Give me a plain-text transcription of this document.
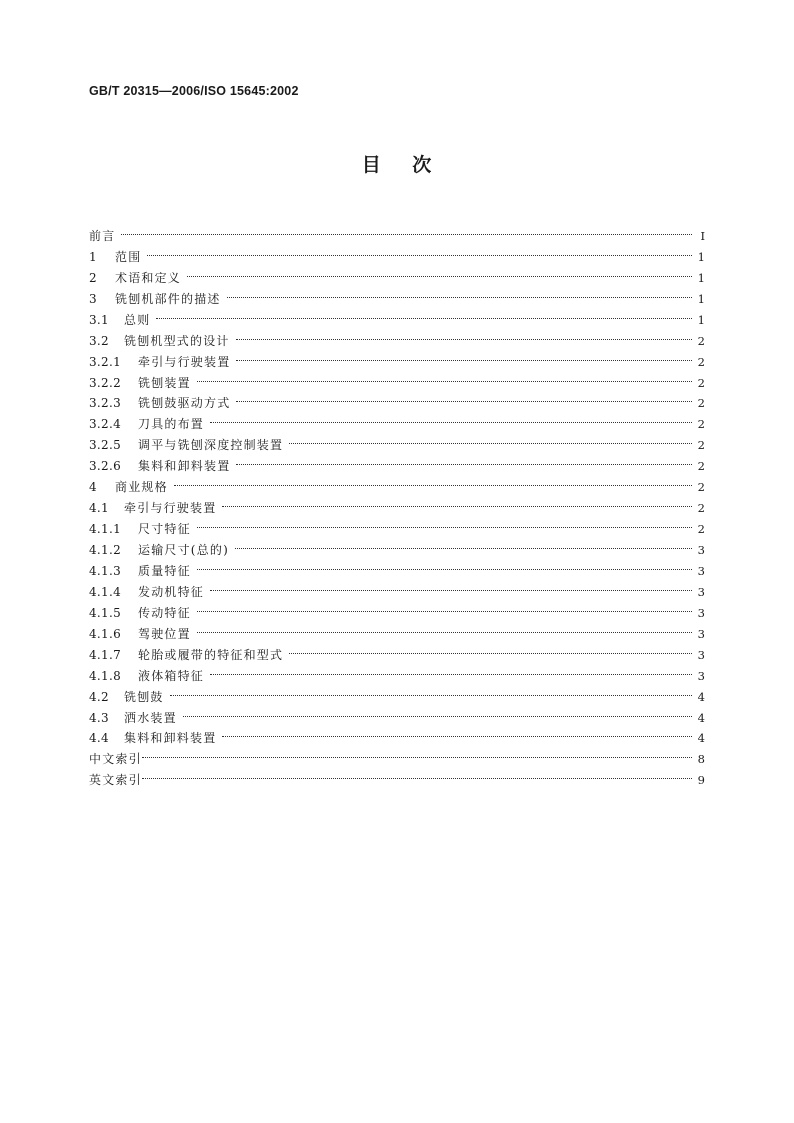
GB/T 20315—2006/ISO 15645:2002
目    次
前言	I
1	范围	1
2	术语和定义	1
3	铣刨机部件的描述	1
3.1	总则	1
3.2	铣刨机型式的设计	2
3.2.1	牵引与行驶装置	2
3.2.2	铣刨装置	2
3.2.3	铣刨鼓驱动方式	2
3.2.4	刀具的布置	2
3.2.5	调平与铣刨深度控制装置	2
3.2.6	集料和卸料装置	2
4	商业规格	2
4.1	牵引与行驶装置	2
4.1.1	尺寸特征	2
4.1.2	运输尺寸(总的)	3
4.1.3	质量特征	3
4.1.4	发动机特征	3
4.1.5	传动特征	3
4.1.6	驾驶位置	3
4.1.7	轮胎或履带的特征和型式	3
4.1.8	液体箱特征	3
4.2	铣刨鼓	4
4.3	洒水装置	4
4.4	集料和卸料装置	4
中文索引	8
英文索引	9
